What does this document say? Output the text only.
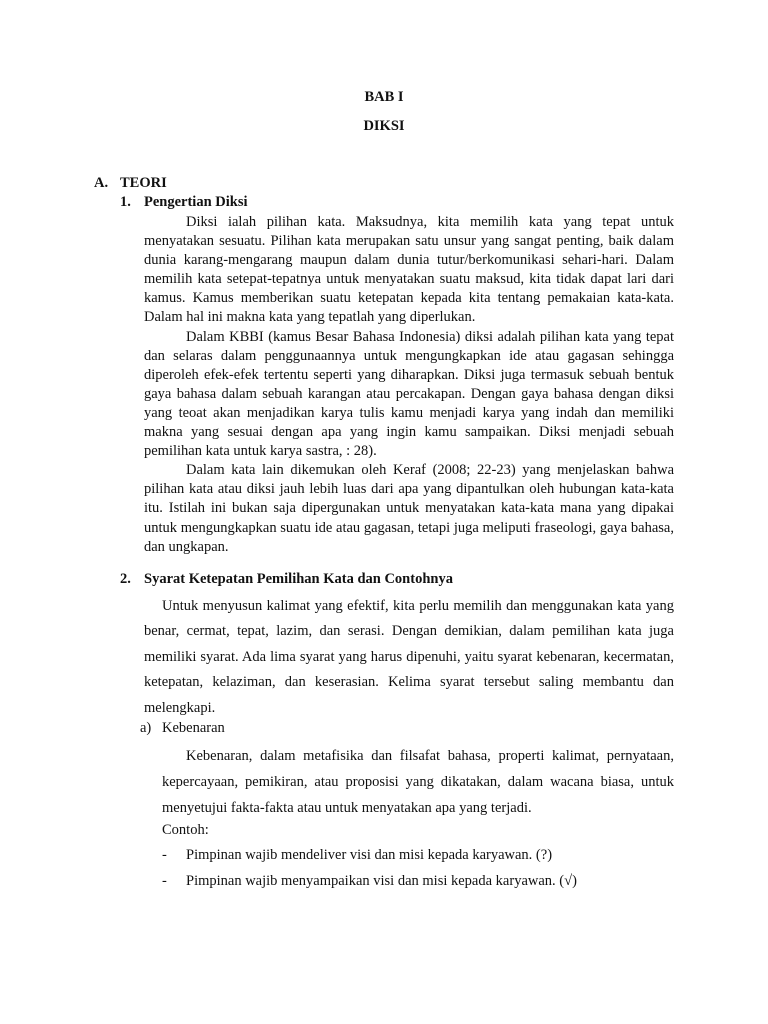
BAB I
DIKSI
A. TEORI
1. Pengertian Diksi

Diksi ialah pilihan kata. Maksudnya, kita memilih kata yang tepat untuk menyatakan sesuatu. Pilihan kata merupakan satu unsur yang sangat penting, baik dalam dunia karang-mengarang maupun dalam dunia tutur/berkomunikasi sehari-hari. Dalam memilih kata setepat-tepatnya untuk menyatakan suatu maksud, kita tidak dapat lari dari kamus. Kamus memberikan suatu ketepatan kepada kita tentang pemakaian kata-kata. Dalam hal ini makna kata yang tepatlah yang diperlukan.

Dalam KBBI (kamus Besar Bahasa Indonesia) diksi adalah pilihan kata yang tepat dan selaras dalam penggunaannya untuk mengungkapkan ide atau gagasan sehingga diperoleh efek-efek tertentu seperti yang diharapkan. Diksi juga termasuk sebuah bentuk gaya bahasa dalam sebuah karangan atau percakapan. Dengan gaya bahasa dengan diksi yang teoat akan menjadikan karya tulis kamu menjadi karya yang indah dan memiliki makna yang sesuai dengan apa yang ingin kamu sampaikan. Diksi menjadi sebuah pemilihan kata untuk karya sastra, : 28).

Dalam kata lain dikemukan oleh Keraf (2008; 22-23) yang menjelaskan bahwa pilihan kata atau diksi jauh lebih luas dari apa yang dipantulkan oleh hubungan kata-kata itu. Istilah ini bukan saja dipergunakan untuk menyatakan kata-kata mana yang dipakai untuk mengungkapkan suatu ide atau gagasan, tetapi juga meliputi fraseologi, gaya bahasa, dan ungkapan.

2. Syarat Ketepatan Pemilihan Kata dan Contohnya

Untuk menyusun kalimat yang efektif, kita perlu memilih dan menggunakan kata yang benar, cermat, tepat, lazim, dan serasi. Dengan demikian, dalam pemilihan kata juga memiliki syarat. Ada lima syarat yang harus dipenuhi, yaitu syarat kebenaran, kecermatan, ketepatan, kelaziman, dan keserasian. Kelima syarat tersebut saling membantu dan melengkapi.

a) Kebenaran

Kebenaran, dalam metafisika dan filsafat bahasa, properti kalimat, pernyataan, kepercayaan, pemikiran, atau proposisi yang dikatakan, dalam wacana biasa, untuk menyetujui fakta-fakta atau untuk menyatakan apa yang terjadi.

Contoh:
- Pimpinan wajib mendeliver visi dan misi kepada karyawan. (?)
- Pimpinan wajib menyampaikan visi dan misi kepada karyawan. (√)
